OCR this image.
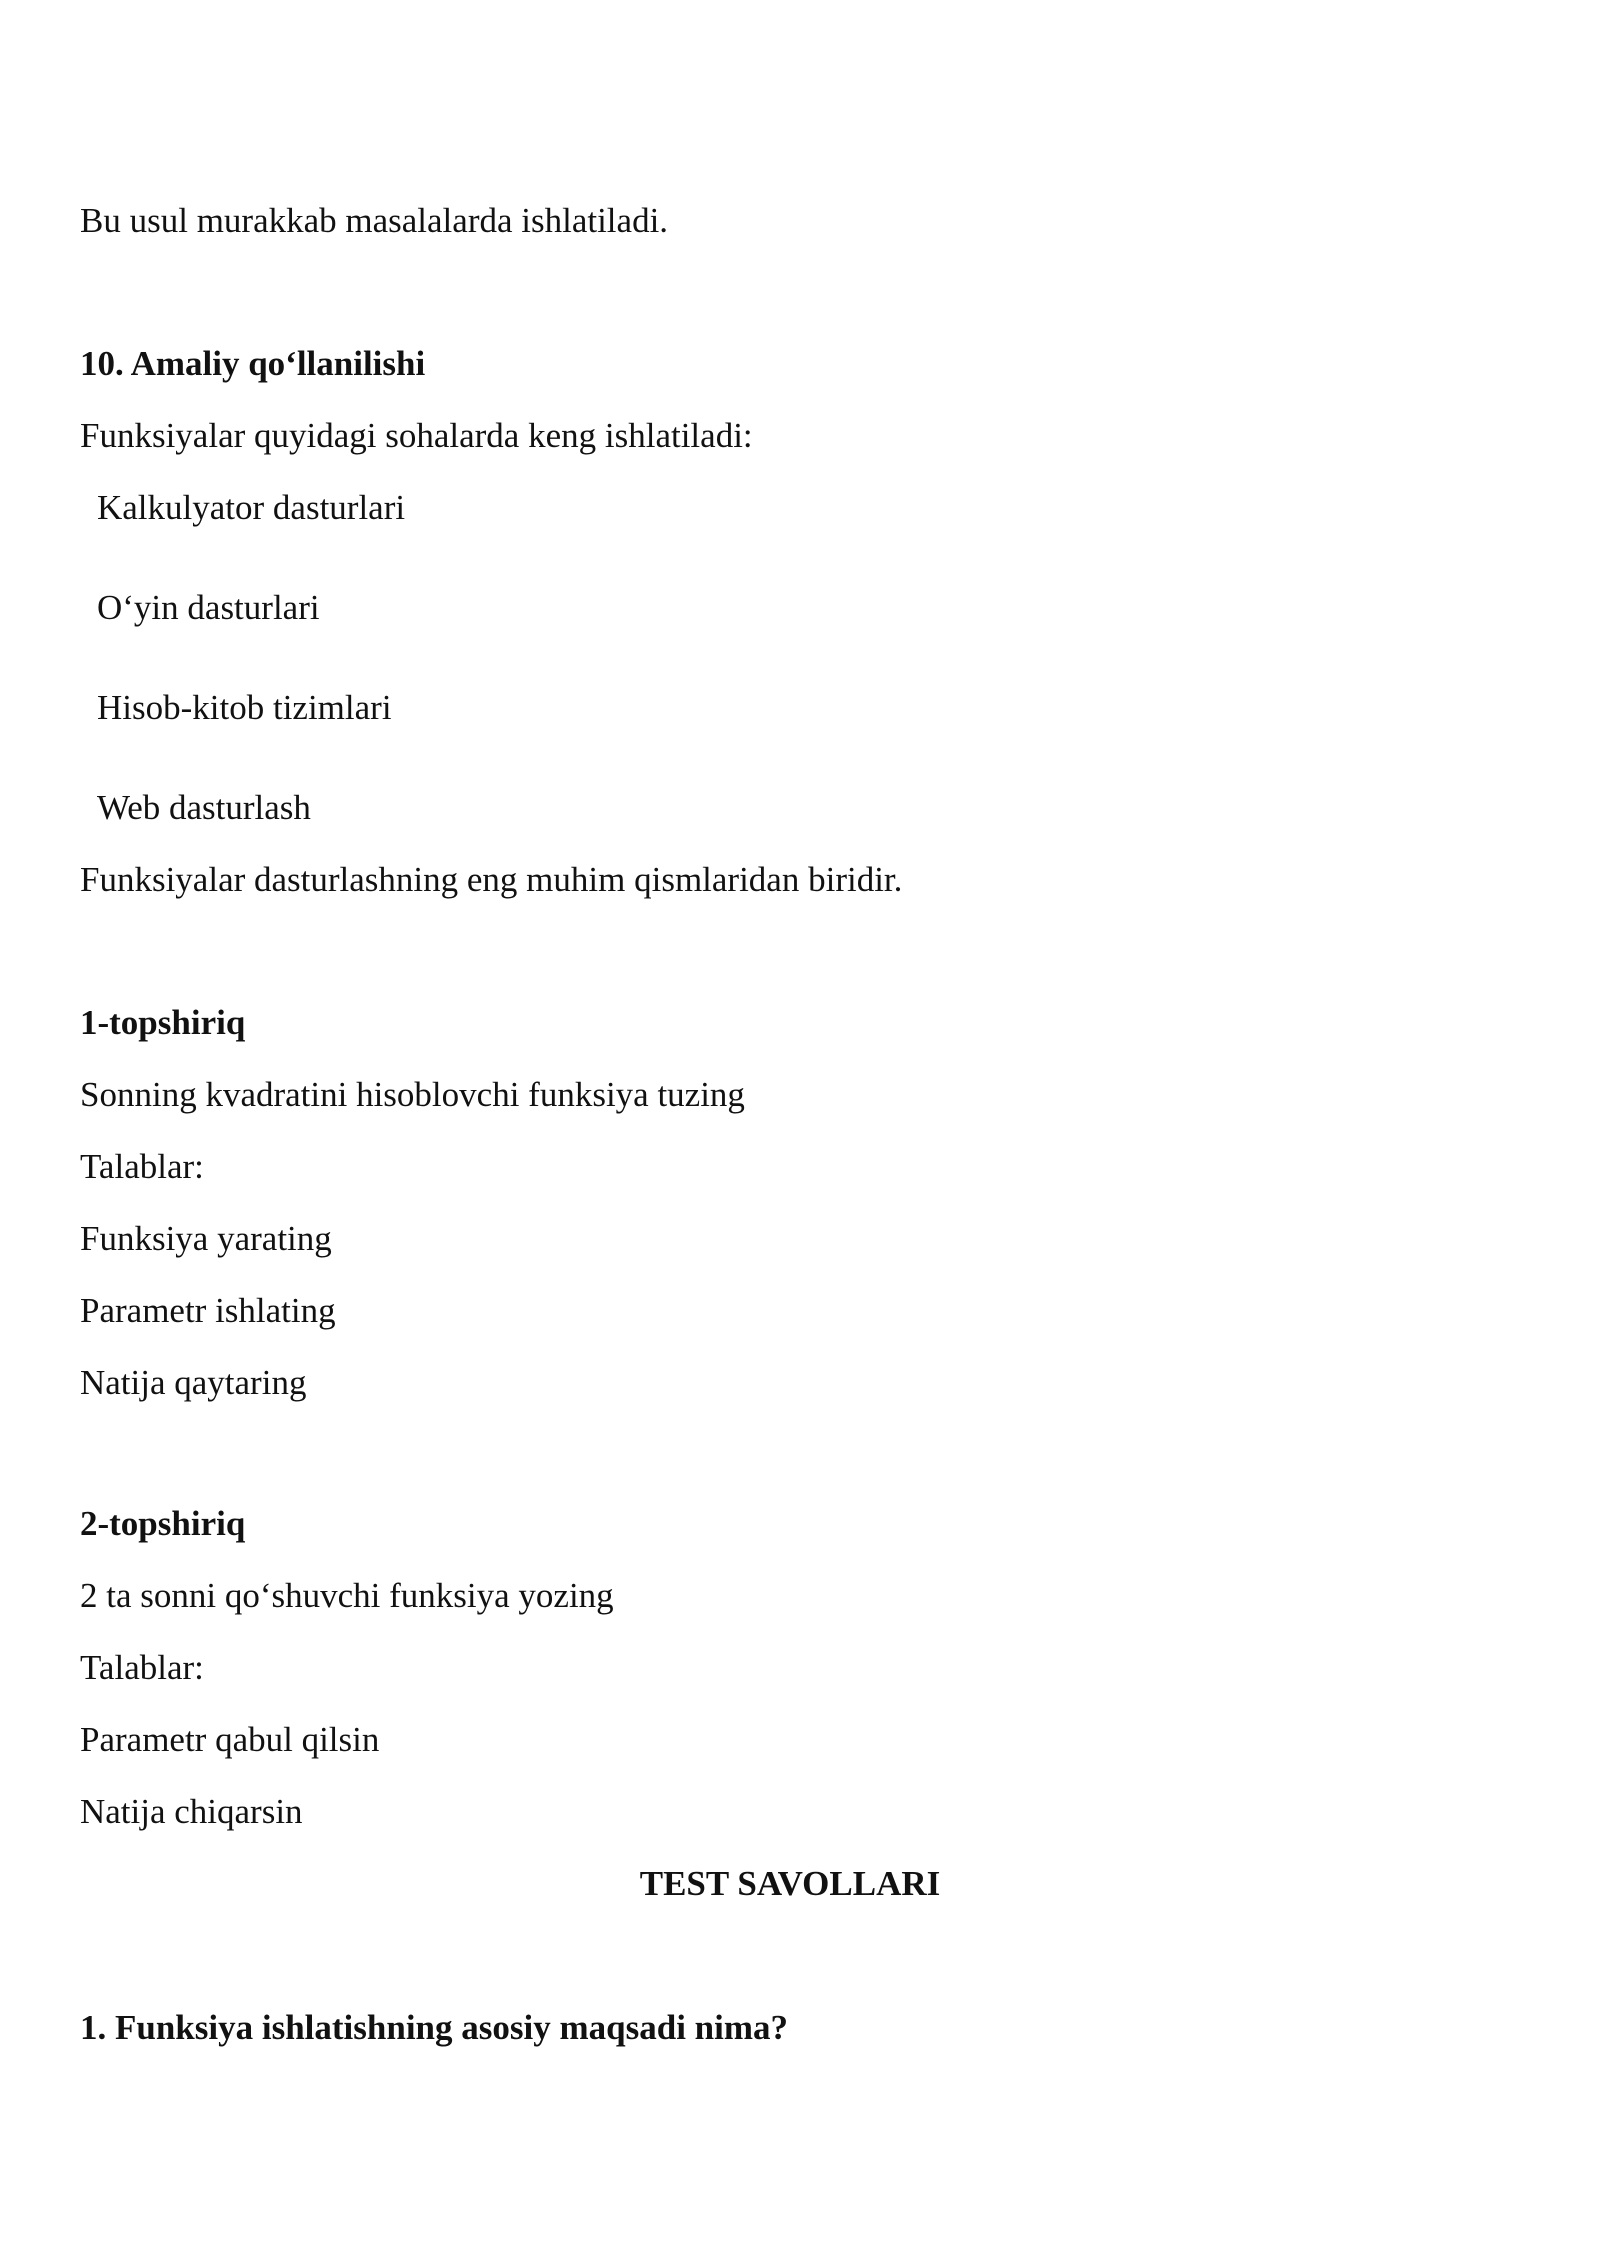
Bu usul murakkab masalalarda ishlatiladi.
10. Amaliy qo‘llanilishi
Funksiyalar quyidagi sohalarda keng ishlatiladi:
Kalkulyator dasturlari
O‘yin dasturlari
Hisob-kitob tizimlari
Web dasturlash
Funksiyalar dasturlashning eng muhim qismlaridan biridir.
1-topshiriq
Sonning kvadratini hisoblovchi funksiya tuzing
Talablar:
Funksiya yarating
Parametr ishlating
Natija qaytaring
2-topshiriq
2 ta sonni qo‘shuvchi funksiya yozing
Talablar:
Parametr qabul qilsin
Natija chiqarsin
TEST SAVOLLARI
1. Funksiya ishlatishning asosiy maqsadi nima?
